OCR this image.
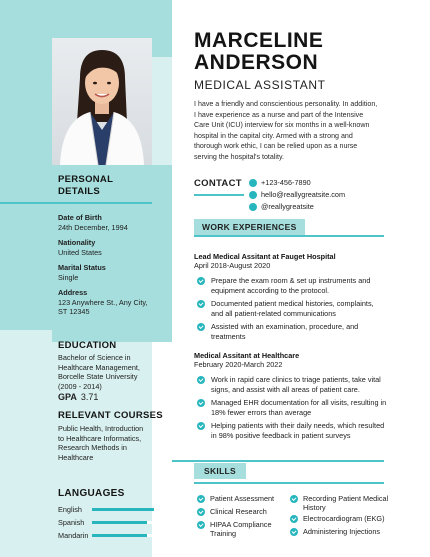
MARCELINE
ANDERSON
MEDICAL ASSISTANT
I have a friendly and conscientious personality. In addition, I have experience as a nurse and part of the Intensive Care Unit (ICU) interview for six months in a well-known hospital in the capital city. Armed with a strong and thorough work ethic, I can be relied upon as a nurse serving the hospital's totality.
PERSONAL
DETAILS
Date of Birth
24th December, 1994
Nationality
United States
Marital Status
Single
Address
123 Anywhere St., Any City, ST 12345
EDUCATION
Bachelor of Science in Healthcare Management, Borcelle State University (2009 - 2014)
GPA 3.71
RELEVANT COURSES
Public Health, Introduction to Healthcare Informatics, Research Methods in Healthcare
LANGUAGES
English
Spanish
Mandarin
CONTACT	+123-456-7890
hello@reallygreatsite.com
@reallygreatsite
WORK EXPERIENCES
Lead Medical Assitant at Fauget Hospital
April 2018-August 2020
Prepare the exam room & set up instruments and equipment according to the protocol.
Documented patient medical histories, complaints, and all patient-related communications
Assisted with an examination, procedure, and treatments
Medical Assitant at Healthcare
February 2020-March 2022
Work in rapid care clinics to triage patients, take vital signs, and assist with all areas of patient care.
Managed EHR documentation for all visits, resulting in 18% fewer errors than average
Helping patients with their daily needs, which resulted in 98% positive feedback in patient surveys
SKILLS
Patient Assessment
Clinical Research
HIPAA Compliance Training
Recording Patient Medical History
Electrocardiogram (EKG)
Administering Injections
